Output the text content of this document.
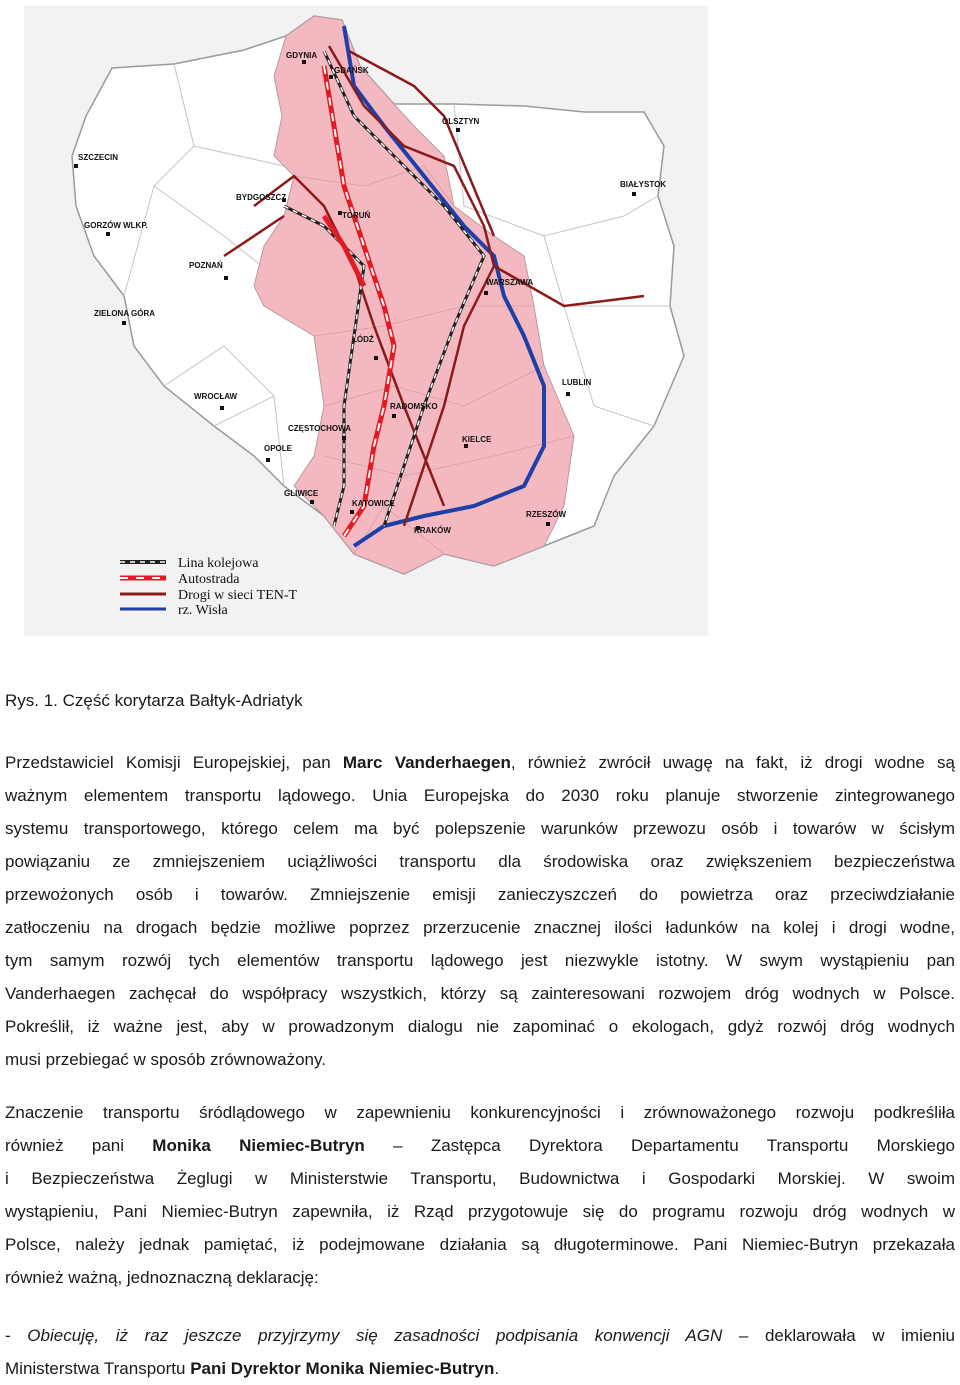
GDYNIA
GDAŃSK
OLSZTYN
SZCZECIN
BIAŁYSTOK
BYDGOSZCZ
TORUŃ
GORZÓW WLKP.
POZNAŃ
WARSZAWA
ZIELONA GÓRA
ŁÓDŹ
LUBLIN
WROCŁAW
RADOMSKO
CZĘSTOCHOWA
KIELCE
OPOLE
GLIWICE
KATOWICE
RZESZÓW
KRAKÓW
Lina kolejowa
Autostrada
Drogi w sieci TEN-T
rz. Wisła
Rys. 1. Część korytarza Bałtyk-Adriatyk
Przedstawiciel Komisji Europejskiej, pan Marc Vanderhaegen, również zwrócił uwagę na fakt, iż drogi wodne są
ważnym elementem transportu lądowego. Unia Europejska do 2030 roku planuje stworzenie zintegrowanego
systemu transportowego, którego celem ma być polepszenie warunków przewozu osób i towarów w ścisłym
powiązaniu ze zmniejszeniem uciążliwości transportu dla środowiska oraz zwiększeniem bezpieczeństwa
przewożonych osób i towarów. Zmniejszenie emisji zanieczyszczeń do powietrza oraz przeciwdziałanie
zatłoczeniu na drogach będzie możliwe poprzez przerzucenie znacznej ilości ładunków na kolej i drogi wodne,
tym samym rozwój tych elementów transportu lądowego jest niezwykle istotny. W swym wystąpieniu pan
Vanderhaegen zachęcał do współpracy wszystkich, którzy są zainteresowani rozwojem dróg wodnych w Polsce.
Pokreślił, iż ważne jest, aby w prowadzonym dialogu nie zapominać o ekologach, gdyż rozwój dróg wodnych
musi przebiegać w sposób zrównoważony.
Znaczenie transportu śródlądowego w zapewnieniu konkurencyjności i zrównoważonego rozwoju podkreśliła
również pani Monika Niemiec-Butryn – Zastępca Dyrektora Departamentu Transportu Morskiego
i Bezpieczeństwa Żeglugi w Ministerstwie Transportu, Budownictwa i Gospodarki Morskiej. W swoim
wystąpieniu, Pani Niemiec-Butryn zapewniła, iż Rząd przygotowuje się do programu rozwoju dróg wodnych w
Polsce, należy jednak pamiętać, iż podejmowane działania są długoterminowe. Pani Niemiec-Butryn przekazała
również ważną, jednoznaczną deklarację:
- Obiecuję, iż raz jeszcze przyjrzymy się zasadności podpisania konwencji AGN – deklarowała w imieniu
Ministerstwa Transportu Pani Dyrektor Monika Niemiec-Butryn.
